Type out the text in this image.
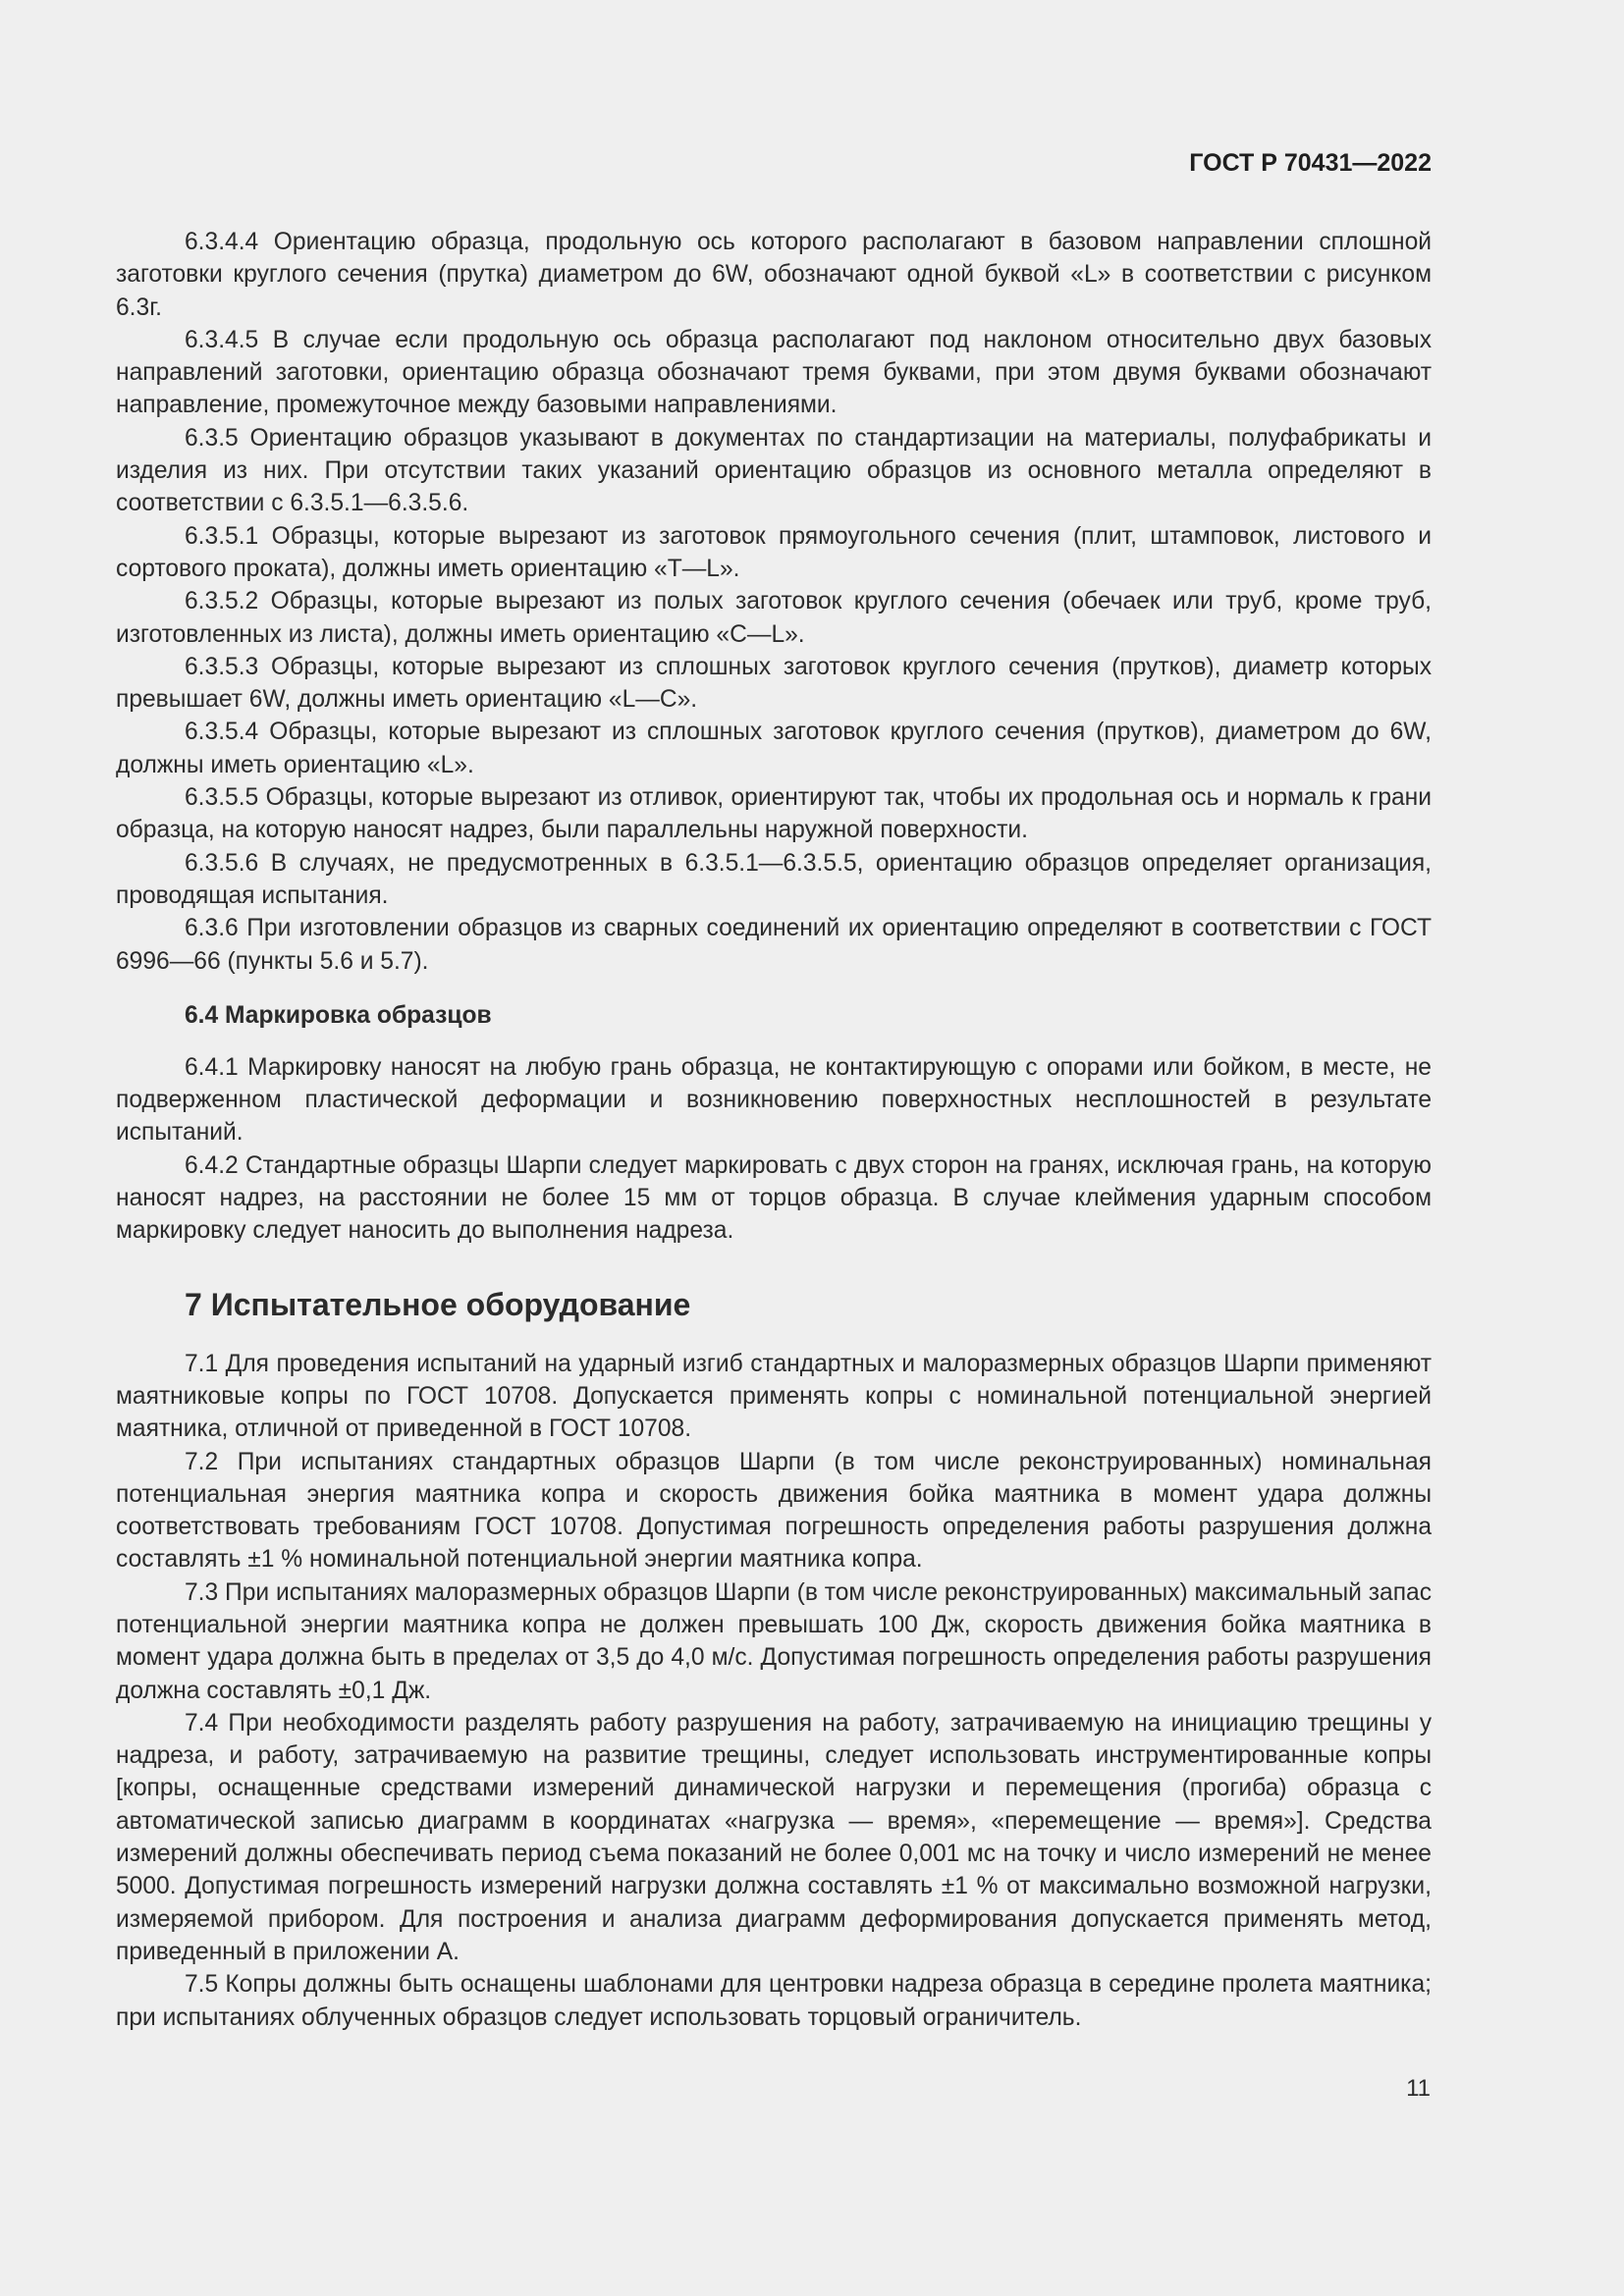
ГОСТ Р 70431—2022

6.3.4.4 Ориентацию образца, продольную ось которого располагают в базовом направлении сплошной заготовки круглого сечения (прутка) диаметром до 6W, обозначают одной буквой «L» в соответствии с рисунком 6.3г.

6.3.4.5 В случае если продольную ось образца располагают под наклоном относительно двух базовых направлений заготовки, ориентацию образца обозначают тремя буквами, при этом двумя буквами обозначают направление, промежуточное между базовыми направлениями.

6.3.5 Ориентацию образцов указывают в документах по стандартизации на материалы, полуфабрикаты и изделия из них. При отсутствии таких указаний ориентацию образцов из основного металла определяют в соответствии с 6.3.5.1—6.3.5.6.

6.3.5.1 Образцы, которые вырезают из заготовок прямоугольного сечения (плит, штамповок, листового и сортового проката), должны иметь ориентацию «T—L».

6.3.5.2 Образцы, которые вырезают из полых заготовок круглого сечения (обечаек или труб, кроме труб, изготовленных из листа), должны иметь ориентацию «C—L».

6.3.5.3 Образцы, которые вырезают из сплошных заготовок круглого сечения (прутков), диаметр которых превышает 6W, должны иметь ориентацию «L—C».

6.3.5.4 Образцы, которые вырезают из сплошных заготовок круглого сечения (прутков), диаметром до 6W, должны иметь ориентацию «L».

6.3.5.5 Образцы, которые вырезают из отливок, ориентируют так, чтобы их продольная ось и нормаль к грани образца, на которую наносят надрез, были параллельны наружной поверхности.

6.3.5.6 В случаях, не предусмотренных в 6.3.5.1—6.3.5.5, ориентацию образцов определяет организация, проводящая испытания.

6.3.6 При изготовлении образцов из сварных соединений их ориентацию определяют в соответствии с ГОСТ 6996—66 (пункты 5.6 и 5.7).

6.4 Маркировка образцов

6.4.1 Маркировку наносят на любую грань образца, не контактирующую с опорами или бойком, в месте, не подверженном пластической деформации и возникновению поверхностных несплошностей в результате испытаний.

6.4.2 Стандартные образцы Шарпи следует маркировать с двух сторон на гранях, исключая грань, на которую наносят надрез, на расстоянии не более 15 мм от торцов образца. В случае клеймения ударным способом маркировку следует наносить до выполнения надреза.

7 Испытательное оборудование

7.1 Для проведения испытаний на ударный изгиб стандартных и малоразмерных образцов Шарпи применяют маятниковые копры по ГОСТ 10708. Допускается применять копры с номинальной потенциальной энергией маятника, отличной от приведенной в ГОСТ 10708.

7.2 При испытаниях стандартных образцов Шарпи (в том числе реконструированных) номинальная потенциальная энергия маятника копра и скорость движения бойка маятника в момент удара должны соответствовать требованиям ГОСТ 10708. Допустимая погрешность определения работы разрушения должна составлять ±1 % номинальной потенциальной энергии маятника копра.

7.3 При испытаниях малоразмерных образцов Шарпи (в том числе реконструированных) максимальный запас потенциальной энергии маятника копра не должен превышать 100 Дж, скорость движения бойка маятника в момент удара должна быть в пределах от 3,5 до 4,0 м/с. Допустимая погрешность определения работы разрушения должна составлять ±0,1 Дж.

7.4 При необходимости разделять работу разрушения на работу, затрачиваемую на инициацию трещины у надреза, и работу, затрачиваемую на развитие трещины, следует использовать инструментированные копры [копры, оснащенные средствами измерений динамической нагрузки и перемещения (прогиба) образца с автоматической записью диаграмм в координатах «нагрузка — время», «перемещение — время»]. Средства измерений должны обеспечивать период съема показаний не более 0,001 мс на точку и число измерений не менее 5000. Допустимая погрешность измерений нагрузки должна составлять ±1 % от максимально возможной нагрузки, измеряемой прибором. Для построения и анализа диаграмм деформирования допускается применять метод, приведенный в приложении А.

7.5 Копры должны быть оснащены шаблонами для центровки надреза образца в середине пролета маятника; при испытаниях облученных образцов следует использовать торцовый ограничитель.

11
